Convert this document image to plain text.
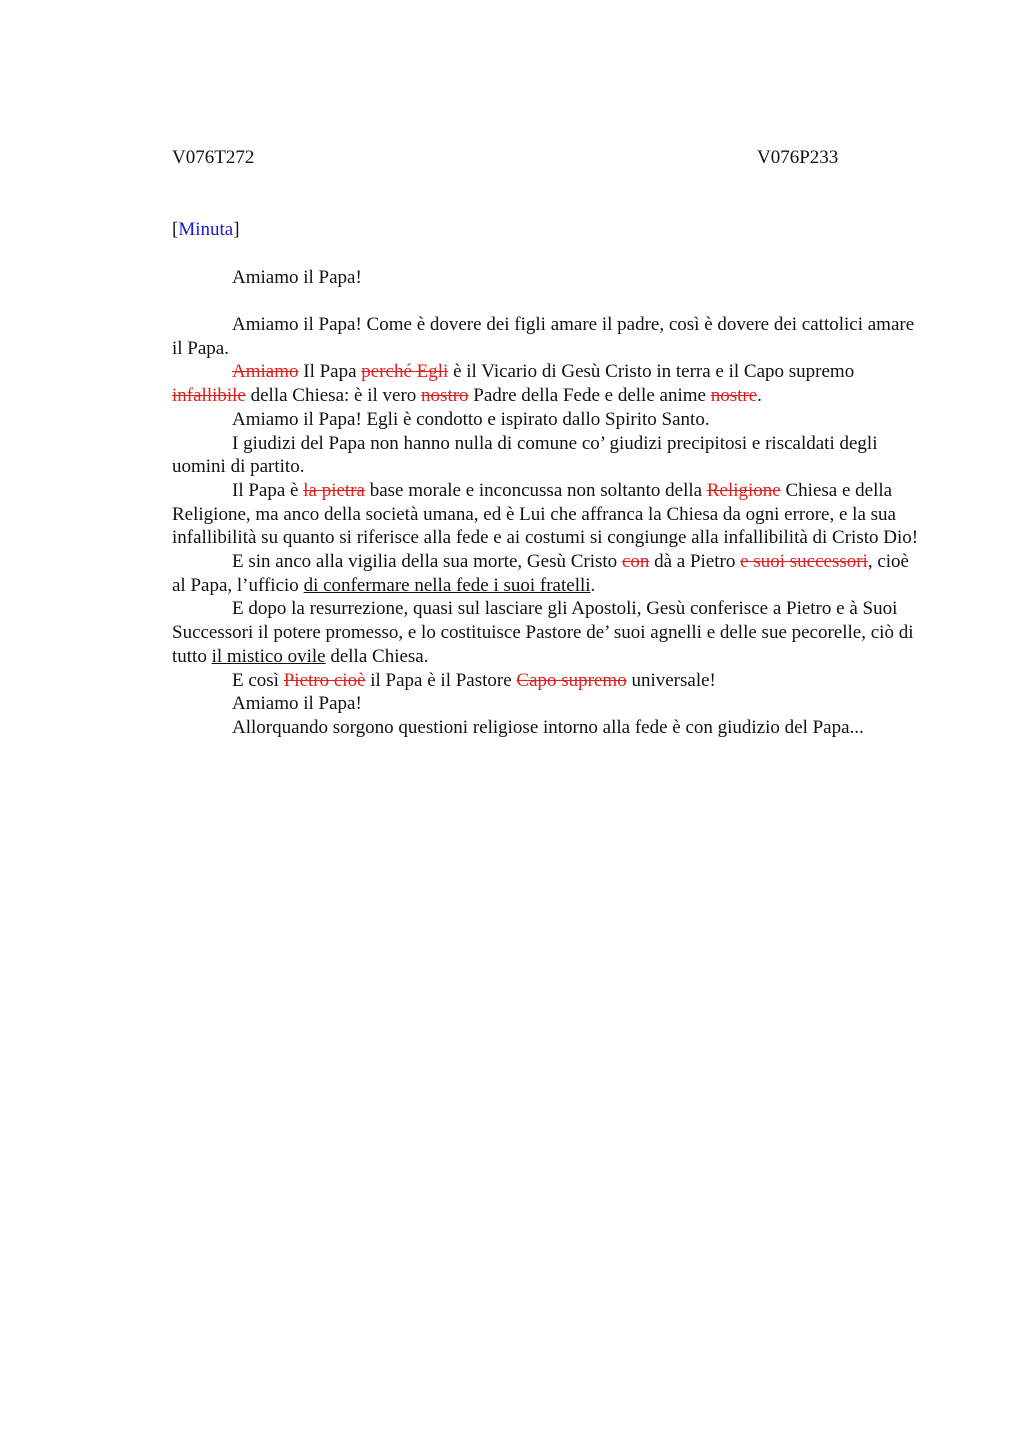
V076T272	V076P233
[Minuta]
Amiamo il Papa!

Amiamo il Papa! Come è dovere dei figli amare il padre, così è dovere dei cattolici amare il Papa.

Amiamo Il Papa perché Egli è il Vicario di Gesù Cristo in terra e il Capo supremo infallibile della Chiesa: è il vero nostro Padre della Fede e delle anime nostre.

Amiamo il Papa! Egli è condotto e ispirato dallo Spirito Santo.

I giudizi del Papa non hanno nulla di comune co’ giudizi precipitosi e riscaldati degli uomini di partito.

Il Papa è la pietra base morale e inconcussa non soltanto della Religione Chiesa e della Religione, ma anco della società umana, ed è Lui che affranca la Chiesa da ogni errore, e la sua infallibilità su quanto si riferisce alla fede e ai costumi si congiunge alla infallibilità di Cristo Dio!

E sin anco alla vigilia della sua morte, Gesù Cristo con dà a Pietro e suoi successori, cioè al Papa, l’ufficio di confermare nella fede i suoi fratelli.

E dopo la resurrezione, quasi sul lasciare gli Apostoli, Gesù conferisce a Pietro e à Suoi Successori il potere promesso, e lo costituisce Pastore de’ suoi agnelli e delle sue pecorelle, ciò di tutto il mistico ovile della Chiesa.

E così Pietro cioè il Papa è il Pastore Capo supremo universale!

Amiamo il Papa!

Allorquando sorgono questioni religiose intorno alla fede è con giudizio del Papa...
